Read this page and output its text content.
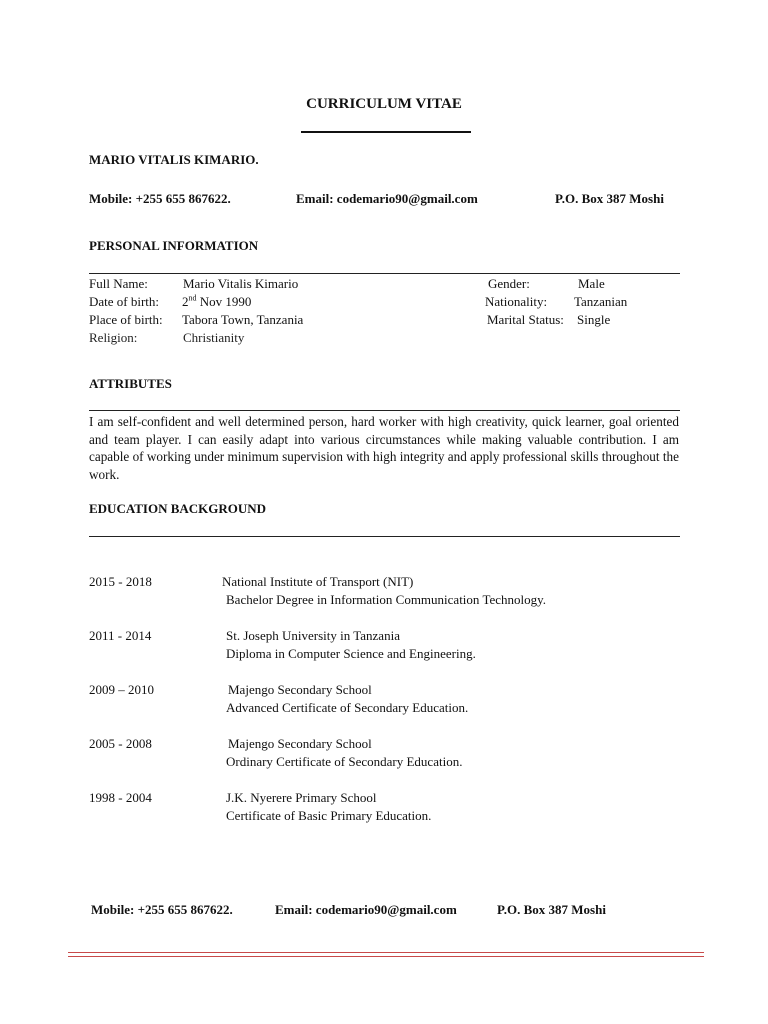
CURRICULUM VITAE
MARIO VITALIS KIMARIO.
Mobile: +255 655 867622.	Email: codemario90@gmail.com	P.O. Box 387 Moshi
PERSONAL INFORMATION
Full Name:	Mario Vitalis Kimario	Gender:	Male
Date of birth: 2nd Nov 1990	Nationality: Tanzanian
Place of birth: Tabora Town, Tanzania	Marital Status: Single
Religion:	Christianity
ATTRIBUTES
I am self-confident and well determined person, hard worker with high creativity, quick learner, goal oriented and team player. I can easily adapt into various circumstances while making valuable contribution. I am capable of working under minimum supervision with high integrity and apply professional skills throughout the work.
EDUCATION BACKGROUND
2015 - 2018	National Institute of Transport (NIT)
Bachelor Degree in Information Communication Technology.
2011 - 2014	St. Joseph University in Tanzania
Diploma in Computer Science and Engineering.
2009 – 2010	Majengo Secondary School
Advanced Certificate of Secondary Education.
2005 - 2008	Majengo Secondary School
Ordinary Certificate of Secondary Education.
1998 - 2004	J.K. Nyerere Primary School
Certificate of Basic Primary Education.
Mobile: +255 655 867622.	Email: codemario90@gmail.com	P.O. Box 387 Moshi
